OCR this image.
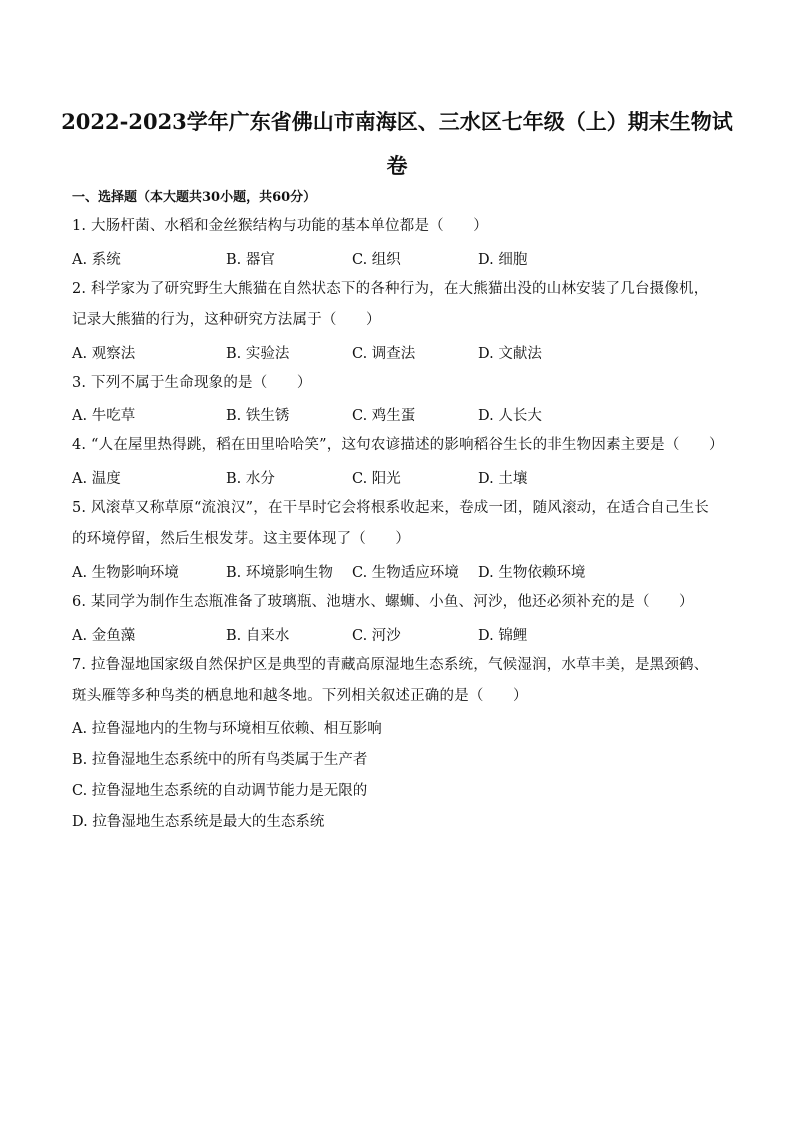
2022-2023学年广东省佛山市南海区、三水区七年级（上）期末生物试卷
一、选择题（本大题共30小题，共60分）
1. 大肠杆菌、水稻和金丝猴结构与功能的基本单位都是（　　）
A. 系统	B. 器官	C. 组织	D. 细胞
2. 科学家为了研究野生大熊猫在自然状态下的各种行为，在大熊猫出没的山林安装了几台摄像机，记录大熊猫的行为，这种研究方法属于（　　）
A. 观察法	B. 实验法	C. 调查法	D. 文献法
3. 下列不属于生命现象的是（　　）
A. 牛吃草	B. 铁生锈	C. 鸡生蛋	D. 人长大
4. “人在屋里热得跳，稻在田里哈哈笑”，这句农谚描述的影响稻谷生长的非生物因素主要是（　　）
A. 温度	B. 水分	C. 阳光	D. 土壤
5. 风滚草又称草原“流浪汉”，在干旱时它会将根系收起来，卷成一团，随风滚动，在适合自己生长的环境停留，然后生根发芽。这主要体现了（　　）
A. 生物影响环境	B. 环境影响生物 C. 生物适应环境 D. 生物依赖环境
6. 某同学为制作生态瓶准备了玻璃瓶、池塘水、螺蛳、小鱼、河沙，他还必须补充的是（　　）
A. 金鱼藻	B. 自来水	C. 河沙	D. 锦鲤
7. 拉鲁湿地国家级自然保护区是典型的青藏高原湿地生态系统，气候湿润，水草丰美，是黑颈鹤、斑头雁等多种鸟类的栖息地和越冬地。下列相关叙述正确的是（　　）
A. 拉鲁湿地内的生物与环境相互依赖、相互影响
B. 拉鲁湿地生态系统中的所有鸟类属于生产者
C. 拉鲁湿地生态系统的自动调节能力是无限的
D. 拉鲁湿地生态系统是最大的生态系统
